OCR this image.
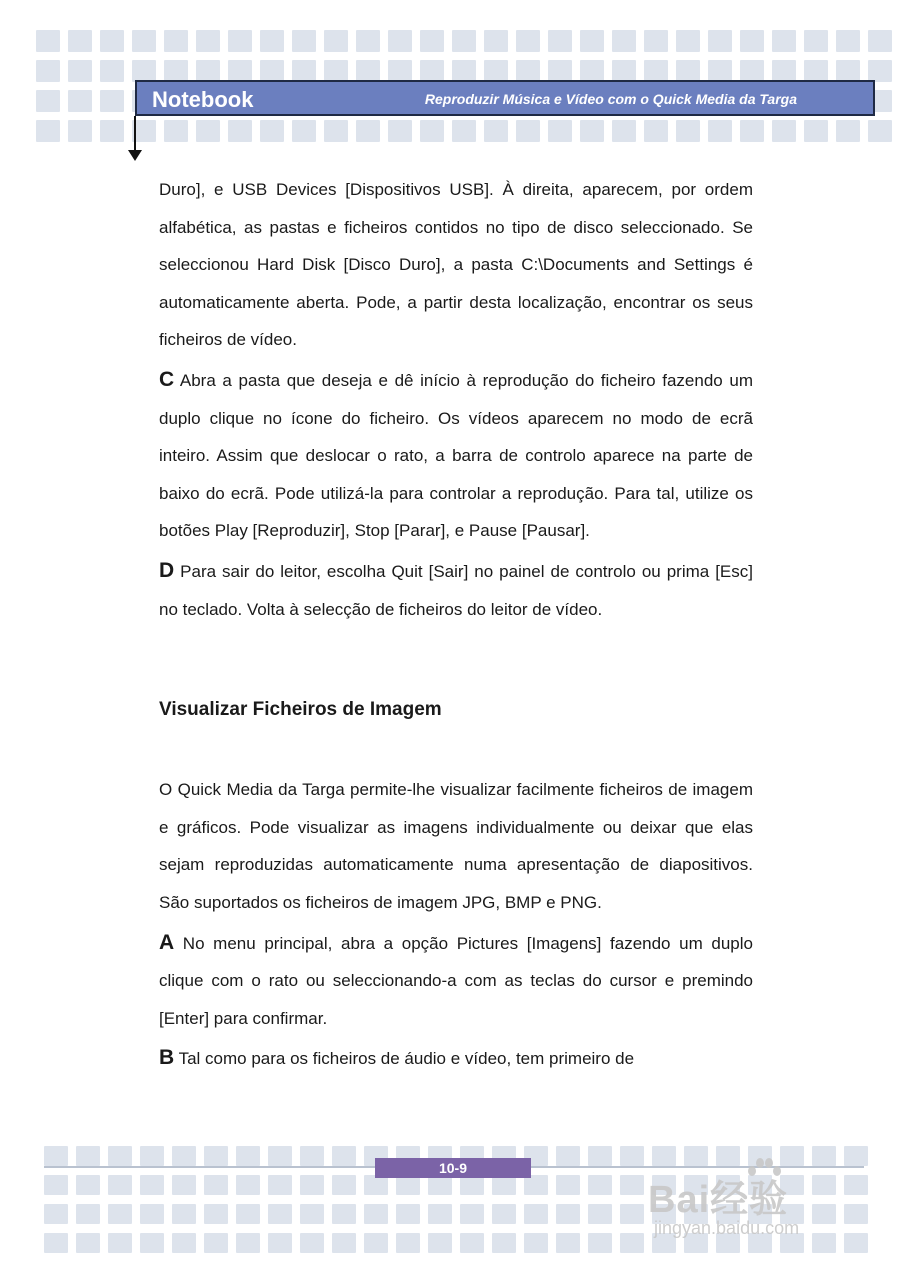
Notebook	Reproduzir Música e Vídeo com o Quick Media da Targa

Duro], e USB Devices [Dispositivos USB]. À direita, aparecem, por ordem alfabética, as pastas e ficheiros contidos no tipo de disco seleccionado. Se seleccionou Hard Disk [Disco Duro], a pasta C:\Documents and Settings é automaticamente aberta. Pode, a partir desta localização, encontrar os seus ficheiros de vídeo.

C Abra a pasta que deseja e dê início à reprodução do ficheiro fazendo um duplo clique no ícone do ficheiro. Os vídeos aparecem no modo de ecrã inteiro. Assim que deslocar o rato, a barra de controlo aparece na parte de baixo do ecrã. Pode utilizá-la para controlar a reprodução. Para tal, utilize os botões Play [Reproduzir], Stop [Parar], e Pause [Pausar].

D Para sair do leitor, escolha Quit [Sair] no painel de controlo ou prima [Esc] no teclado. Volta à selecção de ficheiros do leitor de vídeo.

Visualizar Ficheiros de Imagem

O Quick Media da Targa permite-lhe visualizar facilmente ficheiros de imagem e gráficos. Pode visualizar as imagens individualmente ou deixar que elas sejam reproduzidas automaticamente numa apresentação de diapositivos. São suportados os ficheiros de imagem JPG, BMP e PNG.

A No menu principal, abra a opção Pictures [Imagens] fazendo um duplo clique com o rato ou seleccionando-a com as teclas do cursor e premindo [Enter] para confirmar.

B Tal como para os ficheiros de áudio e vídeo, tem primeiro de

10-9
Bai经验
jingyan.baidu.com
